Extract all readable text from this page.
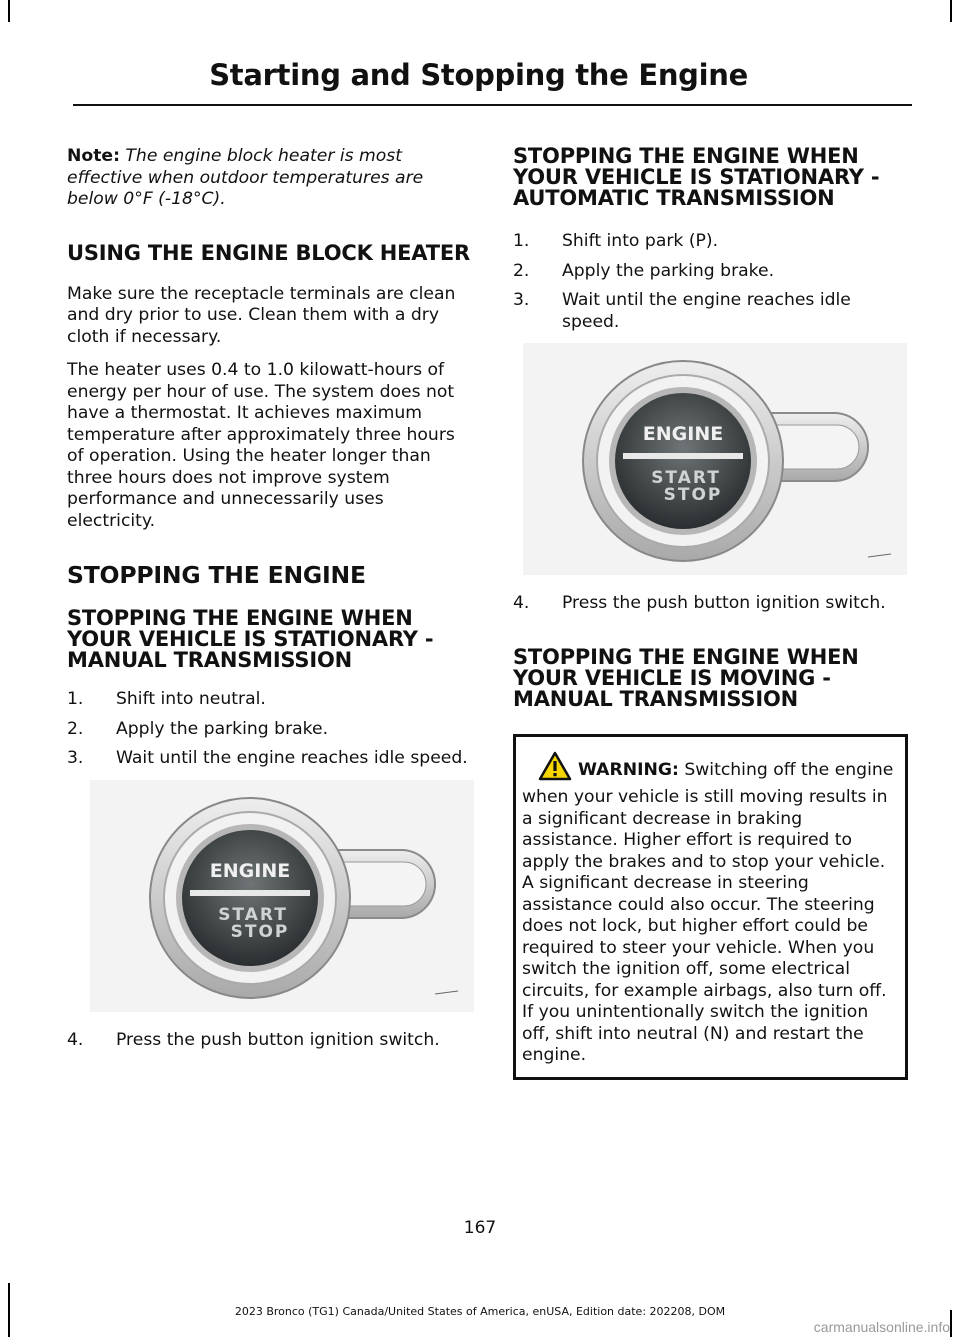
Starting and Stopping the Engine

Note: The engine block heater is most effective when outdoor temperatures are below 0°F (-18°C).

USING THE ENGINE BLOCK HEATER

Make sure the receptacle terminals are clean and dry prior to use. Clean them with a dry cloth if necessary.

The heater uses 0.4 to 1.0 kilowatt-hours of energy per hour of use. The system does not have a thermostat. It achieves maximum temperature after approximately three hours of operation. Using the heater longer than three hours does not improve system performance and unnecessarily uses electricity.

STOPPING THE ENGINE
STOPPING THE ENGINE WHEN YOUR VEHICLE IS STATIONARY - MANUAL TRANSMISSION
1.	Shift into neutral.
2.	Apply the parking brake.
3.	Wait until the engine reaches idle speed.
ENGINE
START
STOP
4.	Press the push button ignition switch.
STOPPING THE ENGINE WHEN YOUR VEHICLE IS STATIONARY - AUTOMATIC TRANSMISSION
1.	Shift into park (P).
2.	Apply the parking brake.
3.	Wait until the engine reaches idle speed.
ENGINE
START
STOP
4.	Press the push button ignition switch.
STOPPING THE ENGINE WHEN YOUR VEHICLE IS MOVING - MANUAL TRANSMISSION
WARNING: Switching off the engine when your vehicle is still moving results in a significant decrease in braking assistance. Higher effort is required to apply the brakes and to stop your vehicle. A significant decrease in steering assistance could also occur. The steering does not lock, but higher effort could be required to steer your vehicle. When you switch the ignition off, some electrical circuits, for example airbags, also turn off. If you unintentionally switch the ignition off, shift into neutral (N) and restart the engine.
167
2023 Bronco (TG1) Canada/United States of America, enUSA, Edition date: 202208, DOM
carmanualsonline.info
